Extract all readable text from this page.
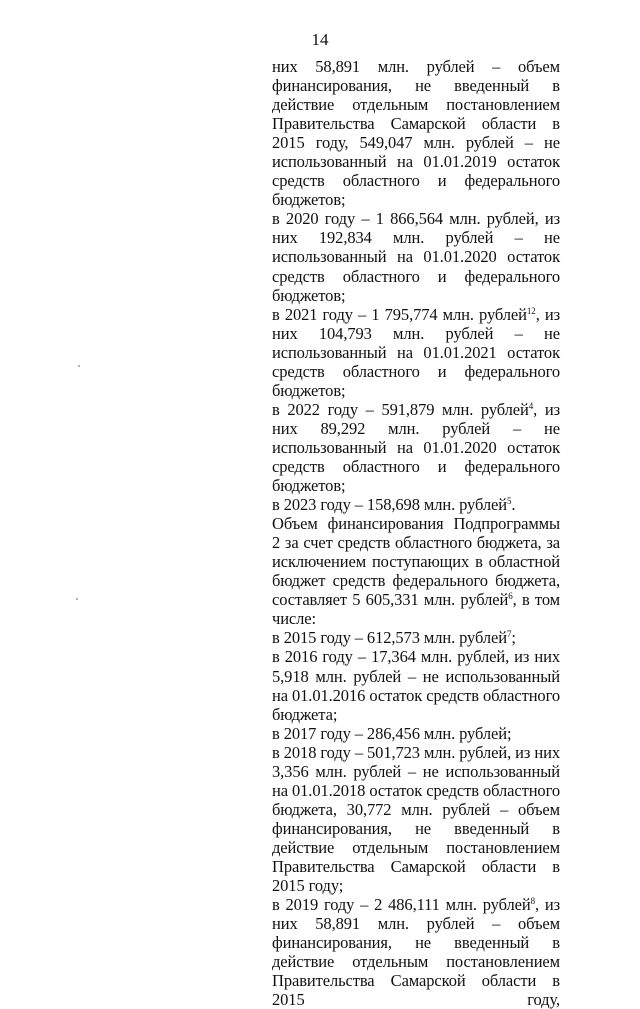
14

них 58,891 млн. рублей – объем финансирования, не введенный в действие отдельным постановлением Правительства Самарской области в 2015 году, 549,047 млн. рублей – не использованный на 01.01.2019 остаток средств областного и федерального бюджетов;

в 2020 году – 1 866,564 млн. рублей, из них 192,834 млн. рублей – не использованный на 01.01.2020 остаток средств областного и федерального бюджетов;

в 2021 году – 1 795,774 млн. рублей$^{12}$, из них 104,793 млн. рублей – не использованный на 01.01.2021 остаток средств областного и федерального бюджетов;

в 2022 году – 591,879 млн. рублей$^4$, из них 89,292 млн. рублей – не использованный на 01.01.2020 остаток средств областного и федерального бюджетов;

в 2023 году – 158,698 млн. рублей$^5$.

Объем финансирования Подпрограммы 2 за счет средств областного бюджета, за исключением поступающих в областной бюджет средств федерального бюджета, составляет 5 605,331 млн. рублей$^6$, в том числе:

в 2015 году – 612,573 млн. рублей$^7$;

в 2016 году – 17,364 млн. рублей, из них 5,918 млн. рублей – не использованный на 01.01.2016 остаток средств областного бюджета;

в 2017 году – 286,456 млн. рублей;

в 2018 году – 501,723 млн. рублей, из них 3,356 млн. рублей – не использованный на 01.01.2018 остаток средств областного бюджета, 30,772 млн. рублей – объем финансирования, не введенный в действие отдельным постановлением Правительства Самарской области в 2015 году;

в 2019 году – 2 486,111 млн. рублей$^8$, из них 58,891 млн. рублей – объем финансирования, не введенный в действие отдельным постановлением Правительства Самарской области в 2015 году,
